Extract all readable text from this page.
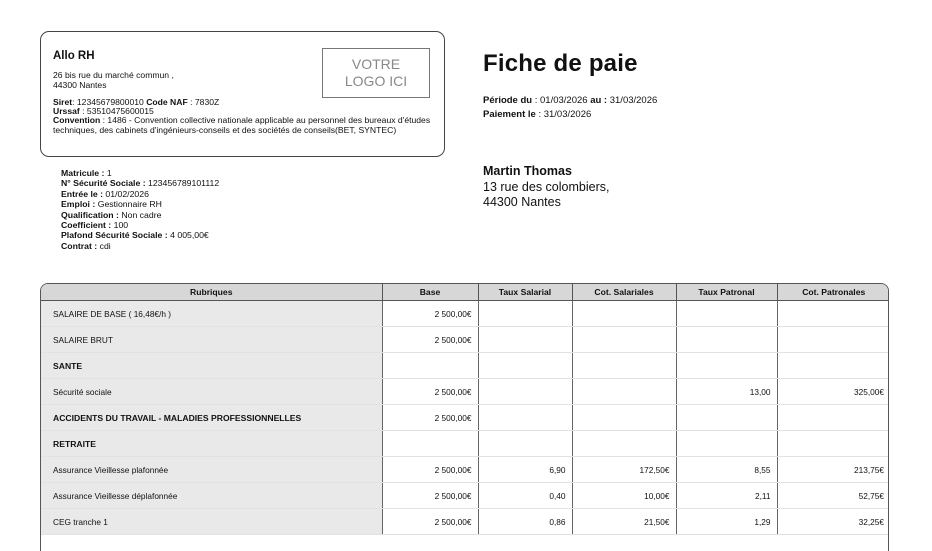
Allo RH
26 bis rue du marché commun ,
44300 Nantes
Siret: 12345679800010 Code NAF : 7830Z
Urssaf : 53510475600015
Convention : 1486 - Convention collective nationale applicable au personnel des bureaux d'études techniques, des cabinets d'ingénieurs-conseils et des sociétés de conseils(BET, SYNTEC)
VOTRE
LOGO ICI
Fiche de paie
Période du : 01/03/2026 au : 31/03/2026
Paiement le : 31/03/2026
Matricule : 1
N° Sécurité Sociale : 123456789101112
Entrée le : 01/02/2026
Emploi : Gestionnaire RH
Qualification : Non cadre
Coefficient : 100
Plafond Sécurité Sociale : 4 005,00€
Contrat : cdi
Martin Thomas
13 rue des colombiers,
44300 Nantes
Rubriques	Base	Taux Salarial	Cot. Salariales	Taux Patronal	Cot. Patronales
SALAIRE DE BASE ( 16,48€/h )	2 500,00€				
SALAIRE BRUT	2 500,00€				
SANTE					
Sécurité sociale	2 500,00€			13,00	325,00€
ACCIDENTS DU TRAVAIL - MALADIES PROFESSIONNELLES	2 500,00€				
RETRAITE					
Assurance Vieillesse plafonnée	2 500,00€	6,90	172,50€	8,55	213,75€
Assurance Vieillesse déplafonnée	2 500,00€	0,40	10,00€	2,11	52,75€
CEG tranche 1	2 500,00€	0,86	21,50€	1,29	32,25€
